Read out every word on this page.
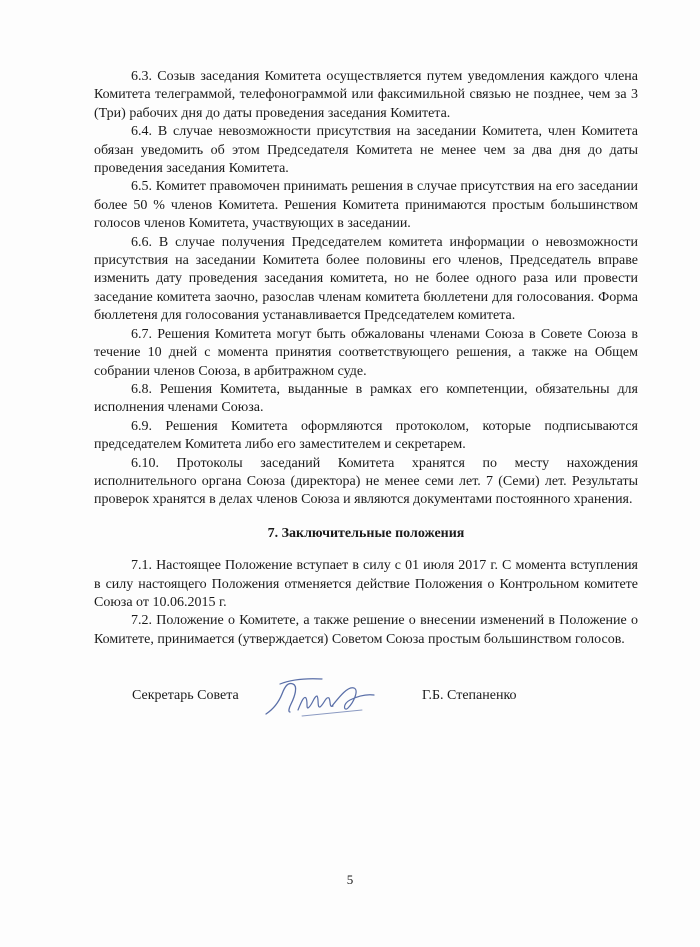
6.3. Созыв заседания Комитета осуществляется путем уведомления каждого члена Комитета телеграммой, телефонограммой или факсимильной связью не позднее, чем за 3 (Три) рабочих дня до даты проведения заседания Комитета.

6.4. В случае невозможности присутствия на заседании Комитета, член Комитета обязан уведомить об этом Председателя Комитета не менее чем за два дня до даты проведения заседания Комитета.

6.5. Комитет правомочен принимать решения в случае присутствия на его заседании более 50 % членов Комитета. Решения Комитета принимаются простым большинством голосов членов Комитета, участвующих в заседании.

6.6. В случае получения Председателем комитета информации о невозможности присутствия на заседании Комитета более половины его членов, Председатель вправе изменить дату проведения заседания комитета, но не более одного раза или провести заседание комитета заочно, разослав членам комитета бюллетени для голосования. Форма бюллетеня для голосования устанавливается Председателем комитета.

6.7. Решения Комитета могут быть обжалованы членами Союза в Совете Союза в течение 10 дней с момента принятия соответствующего решения, а также на Общем собрании членов Союза, в арбитражном суде.

6.8. Решения Комитета, выданные в рамках его компетенции, обязательны для исполнения членами Союза.

6.9. Решения Комитета оформляются протоколом, которые подписываются председателем Комитета либо его заместителем и секретарем.

6.10. Протоколы заседаний Комитета хранятся по месту нахождения исполнительного органа Союза (директора) не менее семи лет. 7 (Семи) лет. Результаты проверок хранятся в делах членов Союза и являются документами постоянного хранения.

7. Заключительные положения

7.1. Настоящее Положение вступает в силу с 01 июля 2017 г. С момента вступления в силу настоящего Положения отменяется действие Положения о Контрольном комитете Союза от 10.06.2015 г.

7.2. Положение о Комитете, а также решение о внесении изменений в Положение о Комитете, принимается (утверждается) Советом Союза простым большинством голосов.

Секретарь Совета	Г.Б. Степаненко
5
